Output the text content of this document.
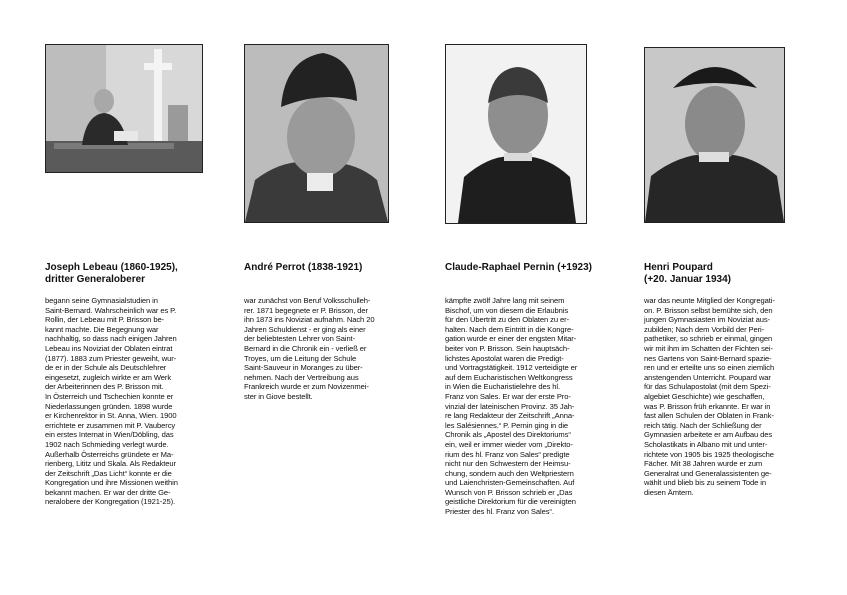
Joseph Lebeau (1860-1925),
dritter Generaloberer

begann seine Gymnasialstudien in
Saint-Bernard. Wahrscheinlich war es P.
Rollin, der Lebeau mit P. Brisson be-
kannt machte. Die Begegnung war
nachhaltig, so dass nach einigen Jahren
Lebeau ins Noviziat der Oblaten eintrat
(1877). 1883 zum Priester geweiht, wur-
de er in der Schule als Deutschlehrer
eingesetzt, zugleich wirkte er am Werk
der Arbeiterinnen des P. Brisson mit.
In Österreich und Tschechien konnte er
Niederlassungen gründen. 1898 wurde
er Kirchenrektor in St. Anna, Wien. 1900
errichtete er zusammen mit P. Vaubercy
ein erstes Internat in Wien/Döbling, das
1902 nach Schmieding verlegt wurde.
Außerhalb Österreichs gründete er Ma-
rienberg, Lititz und Skala. Als Redakteur
der Zeitschrift „Das Licht“ konnte er die
Kongregation und ihre Missionen weithin
bekannt machen. Er war der dritte Ge-
neralobere der Kongregation (1921-25).

André Perrot (1838-1921)

war zunächst von Beruf Volksschulleh-
rer. 1871 begegnete er P. Brisson, der
ihn 1873 ins Noviziat aufnahm. Nach 20
Jahren Schuldienst - er ging als einer
der beliebtesten Lehrer von Saint-
Bernard in die Chronik ein - verließ er
Troyes, um die Leitung der Schule
Saint-Sauveur in Moranges zu über-
nehmen. Nach der Vertreibung aus
Frankreich wurde er zum Novizenmei-
ster in Giove bestellt.

Claude-Raphael Pernin (+1923)

kämpfte zwölf Jahre lang mit seinem
Bischof, um von diesem die Erlaubnis
für den Übertritt zu den Oblaten zu er-
halten. Nach dem Eintritt in die Kongre-
gation wurde er einer der engsten Mitar-
beiter von P. Brisson. Sein hauptsäch-
lichstes Apostolat waren die Predigt-
und Vortragstätigkeit. 1912 verteidigte er
auf dem Eucharistischen Weltkongress
in Wien die Eucharistielehre des hl.
Franz von Sales. Er war der erste Pro-
vinzial der lateinischen Provinz. 35 Jah-
re lang Redakteur der Zeitschrift „Anna-
les Salésiennes.“ P. Pernin ging in die
Chronik als „Apostel des Direktoriums“
ein, weil er immer wieder vom „Direkto-
rium des hl. Franz von Sales“ predigte
nicht nur den Schwestern der Heimsu-
chung, sondern auch den Weltpriestern
und Laienchristen-Gemeinschaften. Auf
Wunsch von P. Brisson schrieb er „Das
geistliche Direktorium für die vereinigten
Priester des hl. Franz von Sales“.

Henri Poupard
(+20. Januar 1934)

war das neunte Mitglied der Kongregati-
on. P. Brisson selbst bemühte sich, den
jungen Gymnasiasten im Noviziat aus-
zubilden; Nach dem Vorbild der Peri-
pathetiker, so schrieb er einmal, gingen
wir mit ihm im Schatten der Fichten sei-
nes Gartens von Saint-Bernard spazie-
ren und er erteilte uns so einen ziemlich
anstengenden Unterricht. Poupard war
für das Schulapostolat (mit dem Spezi-
algebiet Geschichte) wie geschaffen,
was P. Brisson früh erkannte. Er war in
fast allen Schulen der Oblaten in Frank-
reich tätig. Nach der Schließung der
Gymnasien arbeitete er am Aufbau des
Scholastikats in Albano mit und unter-
richtete von 1905 bis 1925 theologische
Fächer. Mit 38 Jahren wurde er zum
Generalrat und Generalassistenten ge-
wählt und blieb bis zu seinem Tode in
diesen Ämtern.
